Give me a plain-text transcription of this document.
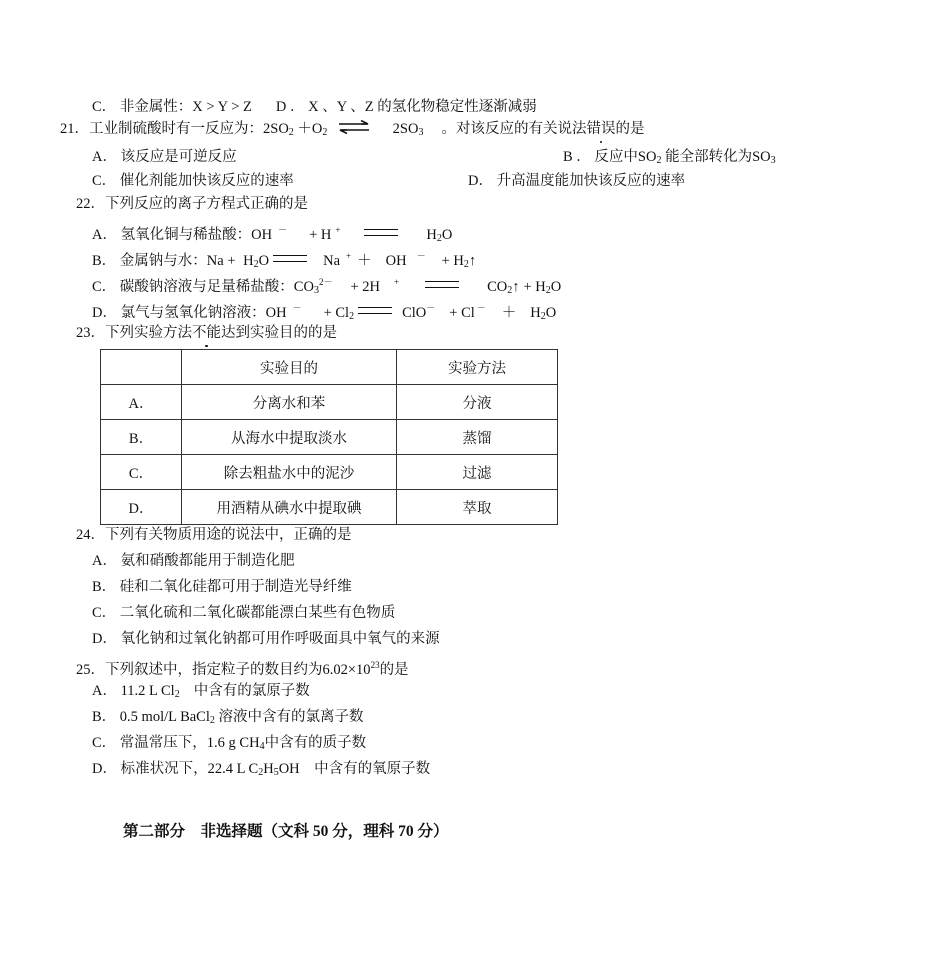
C． 非金属性：X > Y > Z D ． X 、Y 、Z 的氢化物稳定性逐渐减弱
21．工业制硫酸时有一反应为：$2SO_2 +O_2$ ⇌ $2SO_3$ 。对该反应的有关说法错误的是
A． 该反应是可逆反应	B ． 反应中$SO_2$ 能全部转化为$SO_3$
C． 催化剂能加快该反应的速率	D． 升高温度能加快该反应的速率
22．下列反应的离子方程式正确的是
A． 氢氧化铜与稀盐酸：OH － + H +	$H_2O$
B． 金属钠与水：$Na + H_2O$	Na + ＋ OH $^- + H_2↑$
C． 碳酸钠溶液与足量稀盐酸：$CO_3^{2-} + 2H$ +	$CO_2↑ + H_2O$
D． 氯气与氢氧化钠溶液：OH $^- + Cl_2$	ClO－ + Cl $^- + H_2O$
23．下列实验方法不能达到实验目的的是
	实验目的	实验方法
A．	分离水和苯	分液
B．	从海水中提取淡水	蒸馏
C．	除去粗盐水中的泥沙	过滤
D．	用酒精从碘水中提取碘	萃取
24．下列有关物质用途的说法中，正确的是
A． 氨和硝酸都能用于制造化肥
B． 硅和二氧化硅都可用于制造光导纤维
C． 二氧化硫和二氧化碳都能漂白某些有色物质
D． 氧化钠和过氧化钠都可用作呼吸面具中氧气的来源
25．下列叙述中，指定粒子的数目约为$6.02\times 10^{23}$的是
A． 11.2 L $Cl_2$ 中含有的氯原子数
B． 0.5 mol/L BaCl$_2$ 溶液中含有的氯离子数
C． 常温常压下，1.6 g $CH_4$中含有的质子数
D． 标准状况下，22.4 L $C_2H_5OH$　中含有的氧原子数
第二部分　非选择题（文科 50 分，理科 70 分）
